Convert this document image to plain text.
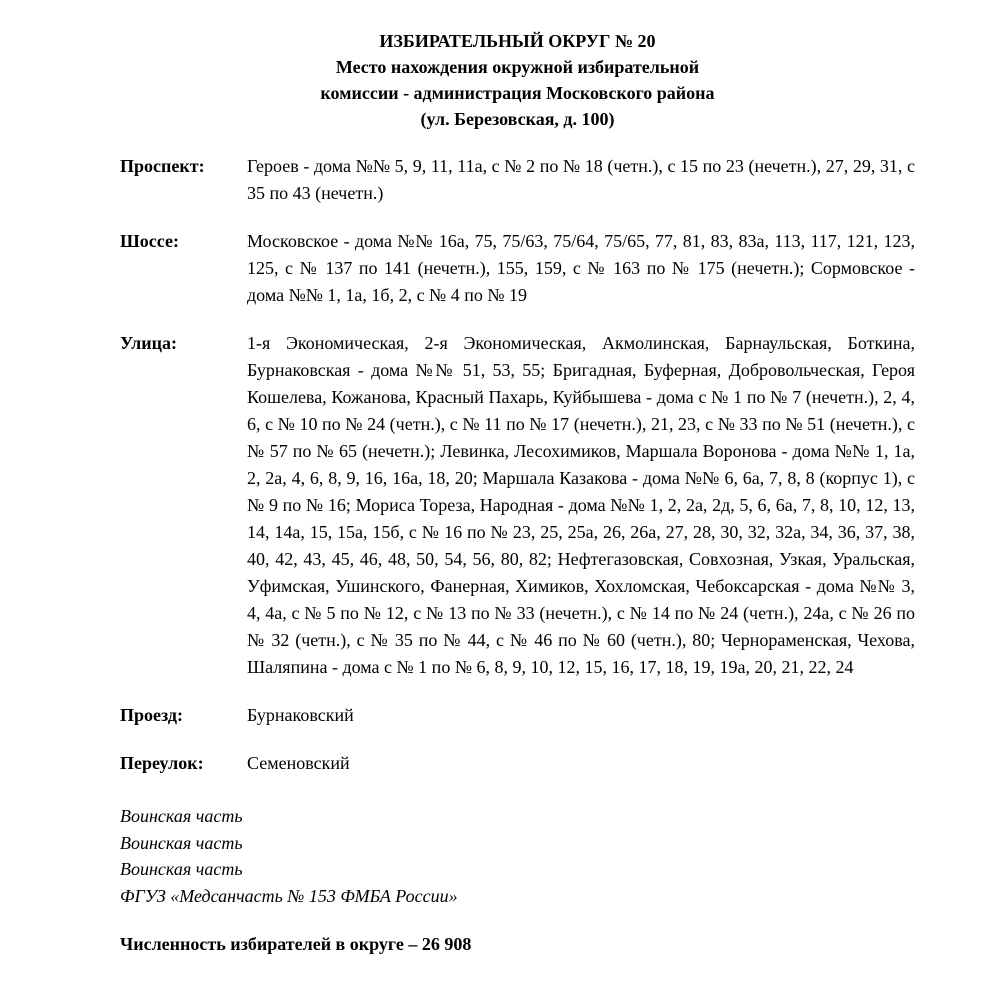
ИЗБИРАТЕЛЬНЫЙ ОКРУГ № 20
Место нахождения окружной избирательной
комиссии - администрация Московского района
(ул. Березовская, д. 100)
Проспект:	Героев - дома №№ 5, 9, 11, 11а, с № 2 по № 18 (четн.), с 15 по 23 (нечетн.), 27, 29, 31, с 35 по 43 (нечетн.)
Шоссе:	Московское - дома №№ 16а, 75, 75/63, 75/64, 75/65, 77, 81, 83, 83а, 113, 117, 121, 123, 125, с № 137 по 141 (нечетн.), 155, 159, с № 163 по № 175 (нечетн.); Сормовское - дома №№ 1, 1а, 1б, 2, с № 4 по № 19
Улица:	1-я Экономическая, 2-я Экономическая, Акмолинская, Барнаульская, Боткина, Бурнаковская - дома №№ 51, 53, 55; Бригадная, Буферная, Добровольческая, Героя Кошелева, Кожанова, Красный Пахарь, Куйбышева - дома с № 1 по № 7 (нечетн.), 2, 4, 6, с № 10 по № 24 (четн.), с № 11 по № 17 (нечетн.), 21, 23, с № 33 по № 51 (нечетн.), с № 57 по № 65 (нечетн.); Левинка, Лесохимиков, Маршала Воронова - дома №№ 1, 1а, 2, 2а, 4, 6, 8, 9, 16, 16а, 18, 20; Маршала Казакова - дома №№ 6, 6а, 7, 8, 8 (корпус 1), с № 9 по № 16; Мориса Тореза, Народная - дома №№ 1, 2, 2а, 2д, 5, 6, 6а, 7, 8, 10, 12, 13, 14, 14а, 15, 15а, 15б, с № 16 по № 23, 25, 25а, 26, 26а, 27, 28, 30, 32, 32а, 34, 36, 37, 38, 40, 42, 43, 45, 46, 48, 50, 54, 56, 80, 82; Нефтегазовская, Совхозная, Узкая, Уральская, Уфимская, Ушинского, Фанерная, Химиков, Хохломская, Чебоксарская - дома №№ 3, 4, 4а, с № 5 по № 12, с № 13 по № 33 (нечетн.), с № 14 по № 24 (четн.), 24а, с № 26 по № 32 (четн.), с № 35 по № 44, с № 46 по № 60 (четн.), 80; Чернораменская, Чехова, Шаляпина - дома с № 1 по № 6, 8, 9, 10, 12, 15, 16, 17, 18, 19, 19а, 20, 21, 22, 24
Проезд:	Бурнаковский
Переулок:	Семеновский
Воинская часть
Воинская часть
Воинская часть
ФГУЗ «Медсанчасть № 153 ФМБА России»
Численность избирателей в округе – 26 908
